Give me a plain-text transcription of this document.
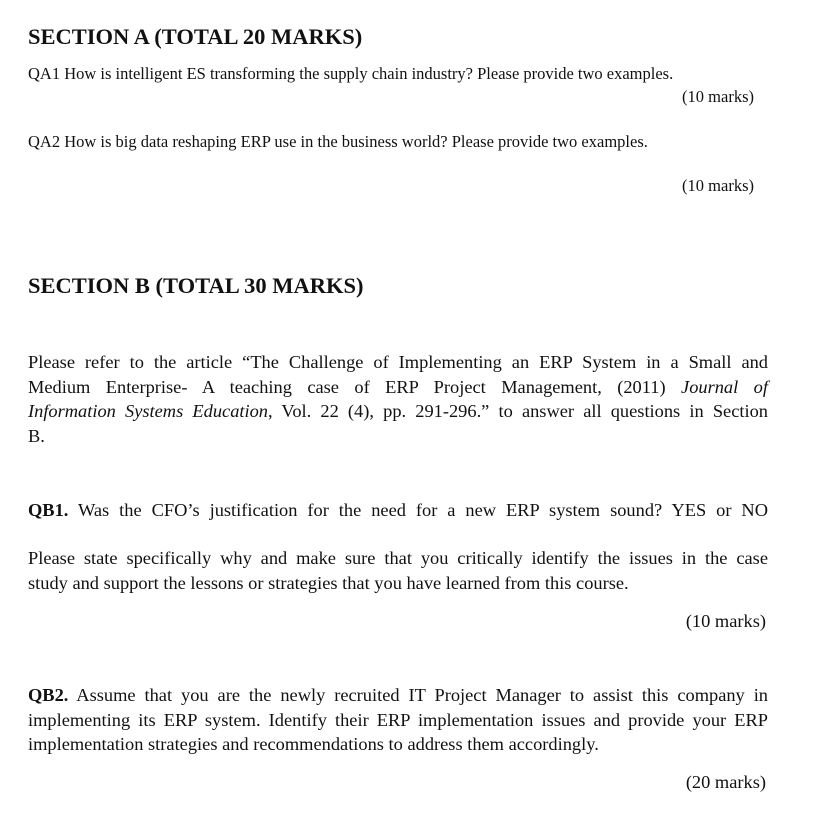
SECTION A (TOTAL 20 MARKS)

QA1 How is intelligent ES transforming the supply chain industry? Please provide two examples.

(10 marks)

QA2 How is big data reshaping ERP use in the business world? Please provide two examples.

(10 marks)

SECTION B (TOTAL 30 MARKS)
Please refer to the article “The Challenge of Implementing an ERP System in a Small and
Medium Enterprise- A teaching case of ERP Project Management, (2011) Journal of
Information Systems Education, Vol. 22 (4), pp. 291-296.” to answer all questions in Section
B.
QB1. Was the CFO’s justification for the need for a new ERP system sound? YES or NO
Please state specifically why and make sure that you critically identify the issues in the case
study and support the lessons or strategies that you have learned from this course.

(10 marks)

QB2. Assume that you are the newly recruited IT Project Manager to assist this company in
implementing its ERP system. Identify their ERP implementation issues and provide your ERP
implementation strategies and recommendations to address them accordingly.

(20 marks)
